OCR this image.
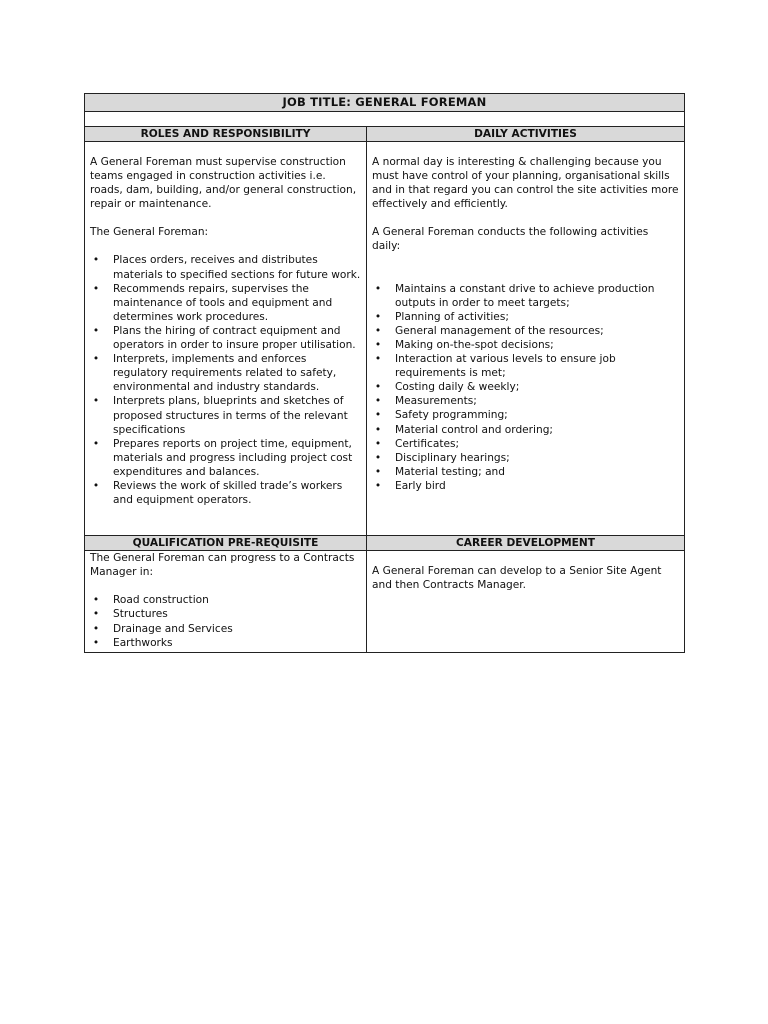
JOB TITLE: GENERAL FOREMAN
ROLES AND RESPONSIBILITY	DAILY ACTIVITIES

A General Foreman must supervise construction teams engaged in construction activities i.e. roads, dam, building, and/or general construction, repair or maintenance.

The General Foreman:

• Places orders, receives and distributes materials to specified sections for future work.
• Recommends repairs, supervises the maintenance of tools and equipment and determines work procedures.
• Plans the hiring of contract equipment and operators in order to insure proper utilisation.
• Interprets, implements and enforces regulatory requirements related to safety, environmental and industry standards.
• Interprets plans, blueprints and sketches of proposed structures in terms of the relevant specifications
• Prepares reports on project time, equipment, materials and progress including project cost expenditures and balances.
• Reviews the work of skilled trade’s workers and equipment operators.

A normal day is interesting & challenging because you must have control of your planning, organisational skills and in that regard you can control the site activities more effectively and efficiently.

A General Foreman conducts the following activities daily:

• Maintains a constant drive to achieve production outputs in order to meet targets;
• Planning of activities;
• General management of the resources;
• Making on-the-spot decisions;
• Interaction at various levels to ensure job requirements is met;
• Costing daily & weekly;
• Measurements;
• Safety programming;
• Material control and ordering;
• Certificates;
• Disciplinary hearings;
• Material testing; and
• Early bird
QUALIFICATION PRE-REQUISITE	CAREER DEVELOPMENT

The General Foreman can progress to a Contracts Manager in:

• Road construction
• Structures
• Drainage and Services
• Earthworks

A General Foreman can develop to a Senior Site Agent and then Contracts Manager.
